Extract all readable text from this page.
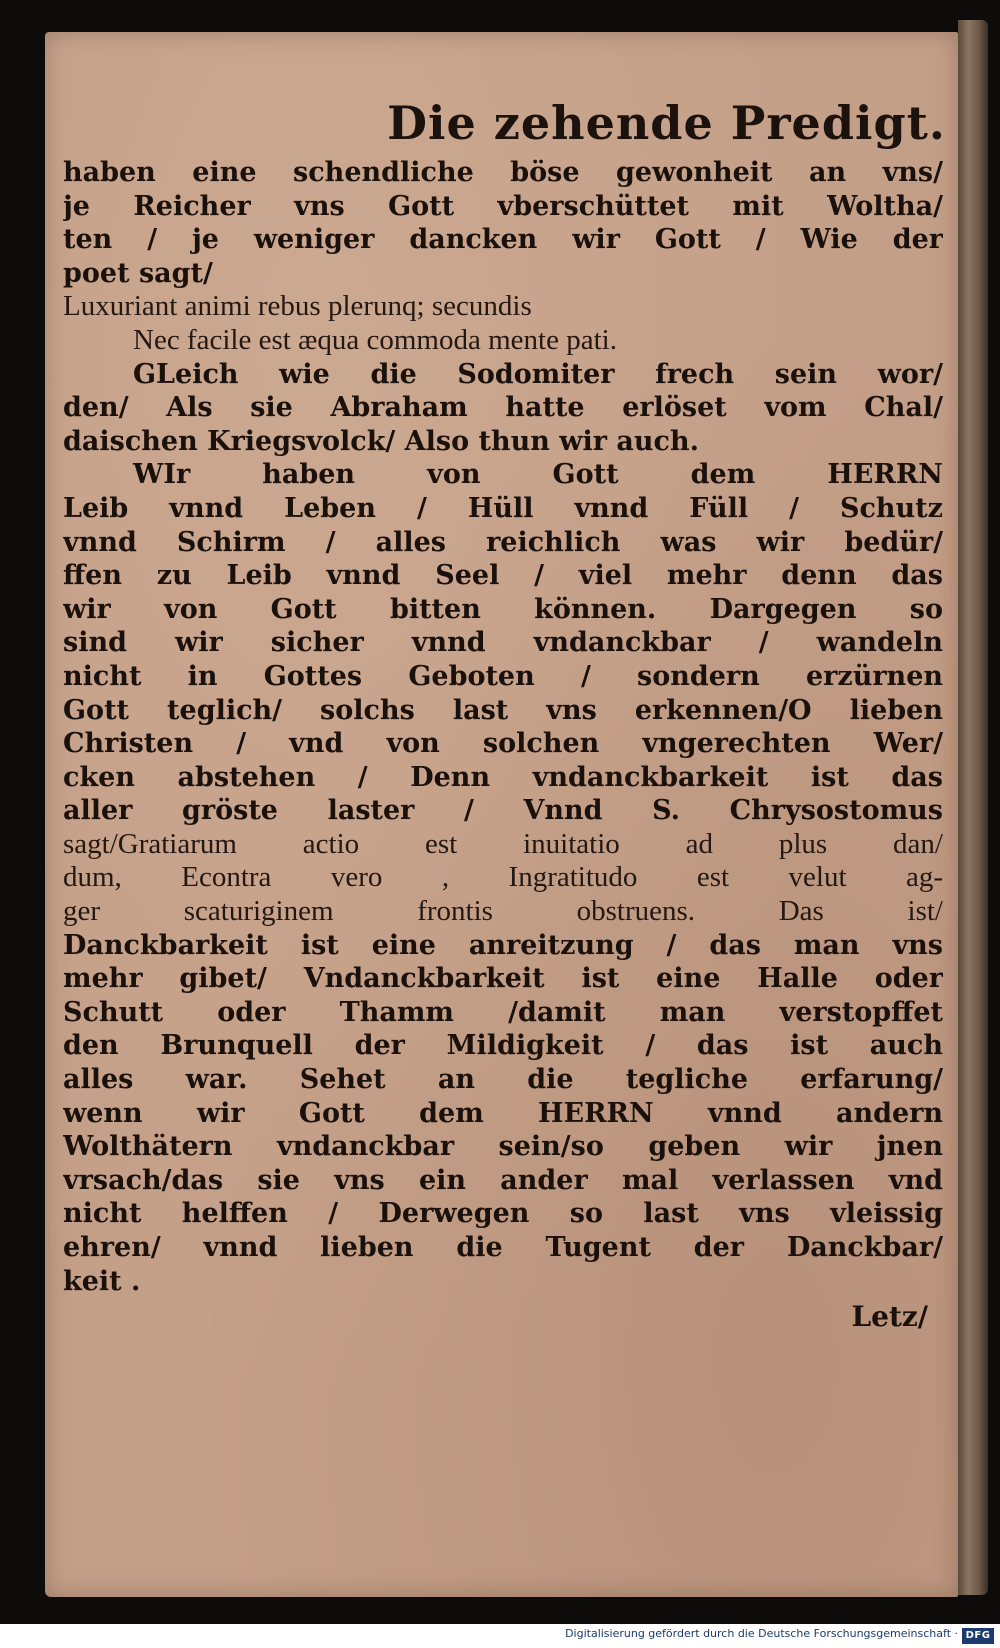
Die zehende Predigt.
haben eine schendliche böse gewonheit an vns/
je Reicher vns Gott vberschüttet mit Woltha/
ten / je weniger dancken wir Gott / Wie der
poet sagt/
Luxuriant animi rebus plerunq; secundis
Nec facile est æqua commoda mente pati.
GLeich wie die Sodomiter frech sein wor/
den/ Als sie Abraham hatte erlöset vom Chal/
daischen Kriegsvolck/ Also thun wir auch.
WIr haben von Gott dem HERRN
Leib vnnd Leben / Hüll vnnd Füll / Schutz
vnnd Schirm / alles reichlich was wir bedür/
ffen zu Leib vnnd Seel / viel mehr denn das
wir von Gott bitten können. Dargegen so
sind wir sicher vnnd vndanckbar / wandeln
nicht in Gottes Geboten / sondern erzürnen
Gott teglich/ solchs last vns erkennen/O lieben
Christen / vnd von solchen vngerechten Wer/
cken abstehen / Denn vndanckbarkeit ist das
aller gröste laster / Vnnd S. Chrysostomus
sagt/Gratiarum actio est inuitatio ad plus dan/
dum, Econtra vero , Ingratitudo est velut ag-
ger scaturiginem frontis obstruens. Das ist/
Danckbarkeit ist eine anreitzung / das man vns
mehr gibet/ Vndanckbarkeit ist eine Halle oder
Schutt oder Thamm /damit man verstopffet
den Brunquell der Mildigkeit / das ist auch
alles war. Sehet an die tegliche erfarung/
wenn wir Gott dem HERRN vnnd andern
Wolthätern vndanckbar sein/so geben wir jnen
vrsach/das sie vns ein ander mal verlassen vnd
nicht helffen / Derwegen so last vns vleissig
ehren/ vnnd lieben die Tugent der Danckbar/
keit .
Letz/
Digitalisierung gefördert durch die Deutsche Forschungsgemeinschaft · DFG
